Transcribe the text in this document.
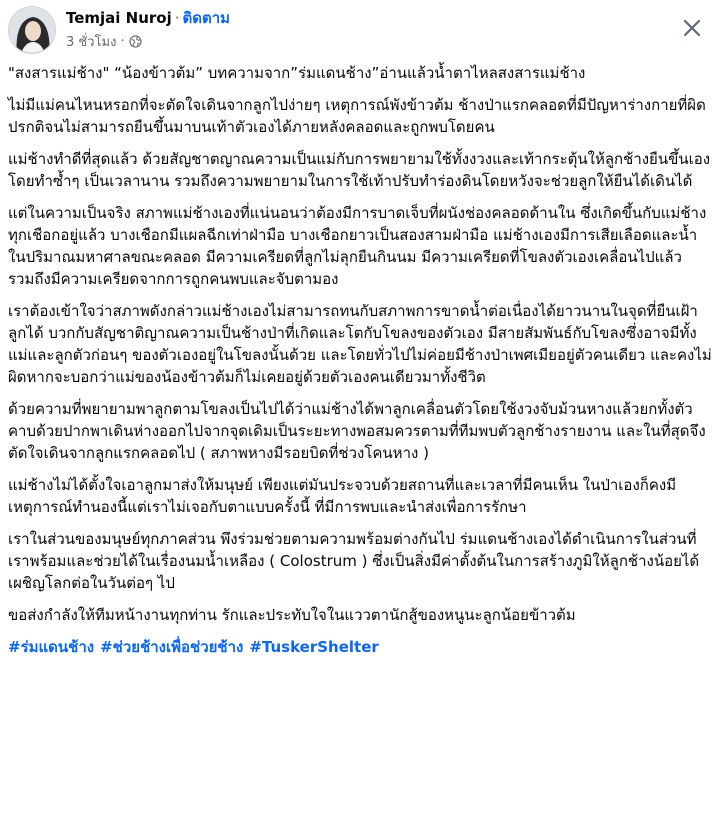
Temjai Nuroj · ติดตาม
3 ชั่วโมง ·

"สงสารแม่ช้าง" “น้องข้าวต้ม” บทความจาก”ร่มแดนช้าง”อ่านแล้วน้ำตาไหลสงสารแม่ช้าง

ไม่มีแม่คนไหนหรอกที่จะตัดใจเดินจากลูกไปง่ายๆ เหตุการณ์พังข้าวต้ม ช้างป่าแรกคลอดที่มีปัญหาร่างกายที่ผิดปรกติจนไม่สามารถยืนขึ้นมาบนเท้าตัวเองได้ภายหลังคลอดและถูกพบโดยคน

แม่ช้างทำดีที่สุดแล้ว ด้วยสัญชาตญาณความเป็นแม่กับการพยายามใช้ทั้งงวงและเท้ากระตุ้นให้ลูกช้างยืนขึ้นเอง โดยทำซ้ำๆ เป็นเวลานาน รวมถึงความพยายามในการใช้เท้าปรับทำร่องดินโดยหวังจะช่วยลูกให้ยืนได้เดินได้

แต่ในความเป็นจริง สภาพแม่ช้างเองที่แน่นอนว่าต้องมีการบาดเจ็บที่ผนังช่องคลอดด้านใน ซึ่งเกิดขึ้นกับแม่ช้างทุกเชือกอยู่แล้ว บางเชือกมีแผลฉีกเท่าฝ่ามือ บางเชือกยาวเป็นสองสามฝ่ามือ แม่ช้างเองมีการเสียเลือดและน้ำในปริมาณมหาศาลขณะคลอด มีความเครียดที่ลูกไม่ลุกยืนกินนม มีความเครียดที่โขลงตัวเองเคลื่อนไปแล้ว รวมถึงมีความเครียดจากการถูกคนพบและจับตามอง

เราต้องเข้าใจว่าสภาพดังกล่าวแม่ช้างเองไม่สามารถทนกับสภาพการขาดน้ำต่อเนื่องได้ยาวนานในจุดที่ยืนเฝ้าลูกได้ บวกกับสัญชาติญาณความเป็นช้างป่าที่เกิดและโตกับโขลงของตัวเอง มีสายสัมพันธ์กับโขลงซึ่งอาจมีทั้งแม่และลูกตัวก่อนๆ ของตัวเองอยู่ในโขลงนั้นด้วย และโดยทั่วไปไม่ค่อยมีช้างป่าเพศเมียอยู่ตัวคนเดียว และคงไม่ผิดหากจะบอกว่าแม่ของน้องข้าวต้มก็ไม่เคยอยู่ด้วยตัวเองคนเดียวมาทั้งชีวิต

ด้วยความที่พยายามพาลูกตามโขลงเป็นไปได้ว่าแม่ช้างได้พาลูกเคลื่อนตัวโดยใช้งวงจับม้วนหางแล้วยกทั้งตัว คาบด้วยปากพาเดินห่างออกไปจากจุดเดิมเป็นระยะทางพอสมควรตามที่ทีมพบตัวลูกช้างรายงาน และในที่สุดจึงตัดใจเดินจากลูกแรกคลอดไป ( สภาพหางมีรอยบิดที่ช่วงโคนหาง )

แม่ช้างไม่ได้ตั้งใจเอาลูกมาส่งให้มนุษย์ เพียงแต่มันประจวบด้วยสถานที่และเวลาที่มีคนเห็น ในป่าเองก็คงมีเหตุการณ์ทำนองนี้แต่เราไม่เจอกับตาแบบครั้งนี้ ที่มีการพบและนำส่งเพื่อการรักษา

เราในส่วนของมนุษย์ทุกภาคส่วน พึงร่วมช่วยตามความพร้อมต่างกันไป ร่มแดนช้างเองได้ดำเนินการในส่วนที่เราพร้อมและช่วยได้ในเรื่องนมน้ำเหลือง ( Colostrum ) ซึ่งเป็นสิ่งมีค่าตั้งต้นในการสร้างภูมิให้ลูกช้างน้อยได้เผชิญโลกต่อในวันต่อๆ ไป

ขอส่งกำลังให้ทีมหน้างานทุกท่าน รักและประทับใจในแววตานักสู้ของหนูนะลูกน้อยข้าวต้ม

#ร่มแดนช้าง #ช่วยช้างเพื่อช่วยช้าง #TuskerShelter
